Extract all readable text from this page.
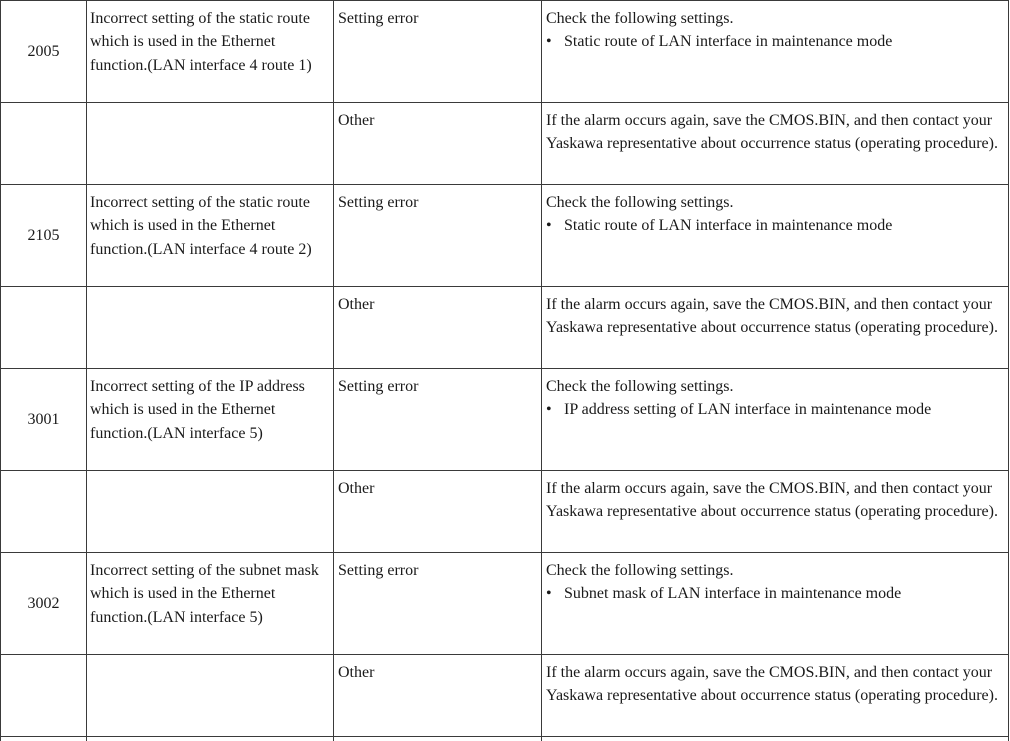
2005	Incorrect setting of the static route which is used in the Ethernet function.(LAN interface 4 route 1)	Setting error	Check the following settings.
• Static route of LAN interface in maintenance mode

		Other	If the alarm occurs again, save the CMOS.BIN, and then contact your Yaskawa representative about occurrence status (operating procedure).
2105	Incorrect setting of the static route which is used in the Ethernet function.(LAN interface 4 route 2)	Setting error	Check the following settings.
• Static route of LAN interface in maintenance mode

		Other	If the alarm occurs again, save the CMOS.BIN, and then contact your Yaskawa representative about occurrence status (operating procedure).
3001	Incorrect setting of the IP address which is used in the Ethernet function.(LAN interface 5)	Setting error	Check the following settings.
• IP address setting of LAN interface in maintenance mode

		Other	If the alarm occurs again, save the CMOS.BIN, and then contact your Yaskawa representative about occurrence status (operating procedure).
3002	Incorrect setting of the subnet mask which is used in the Ethernet function.(LAN interface 5)	Setting error	Check the following settings.
• Subnet mask of LAN interface in maintenance mode

		Other	If the alarm occurs again, save the CMOS.BIN, and then contact your Yaskawa representative about occurrence status (operating procedure).
